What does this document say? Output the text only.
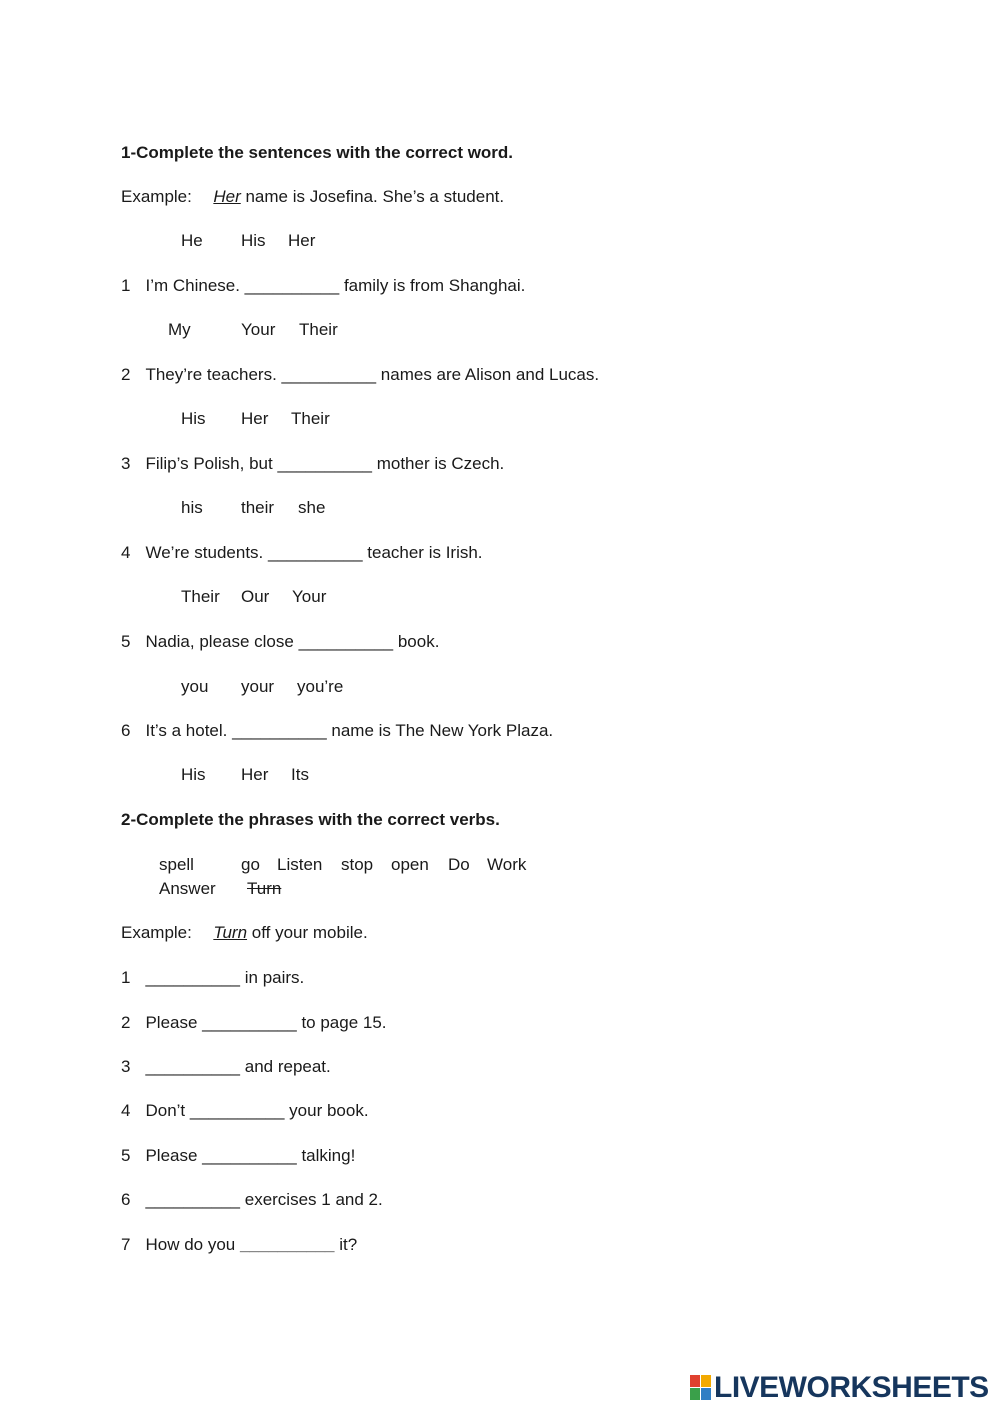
1-Complete the sentences with the correct word.
Example: Her name is Josefina. She’s a student.
He His Her
1 I’m Chinese. __________ family is from Shanghai.
My	Your Their
2 They’re teachers. __________ names are Alison and Lucas.
His Her Their
3 Filip’s Polish, but __________ mother is Czech.
his their she
4 We’re students. __________ teacher is Irish.
Their Our Your
5 Nadia, please close __________ book.
you your you’re
6 It’s a hotel. __________ name is The New York Plaza.
His Her Its
2-Complete the phrases with the correct verbs.
spell	go Listen stop open Do Work
Answer Turn
Example: Turn off your mobile.
1 __________ in pairs.
2 Please __________ to page 15.
3 __________ and repeat.
4 Don’t __________ your book.
5 Please __________ talking!
6 __________ exercises 1 and 2.
7 How do you __________ it?
LIVEWORKSHEETS
